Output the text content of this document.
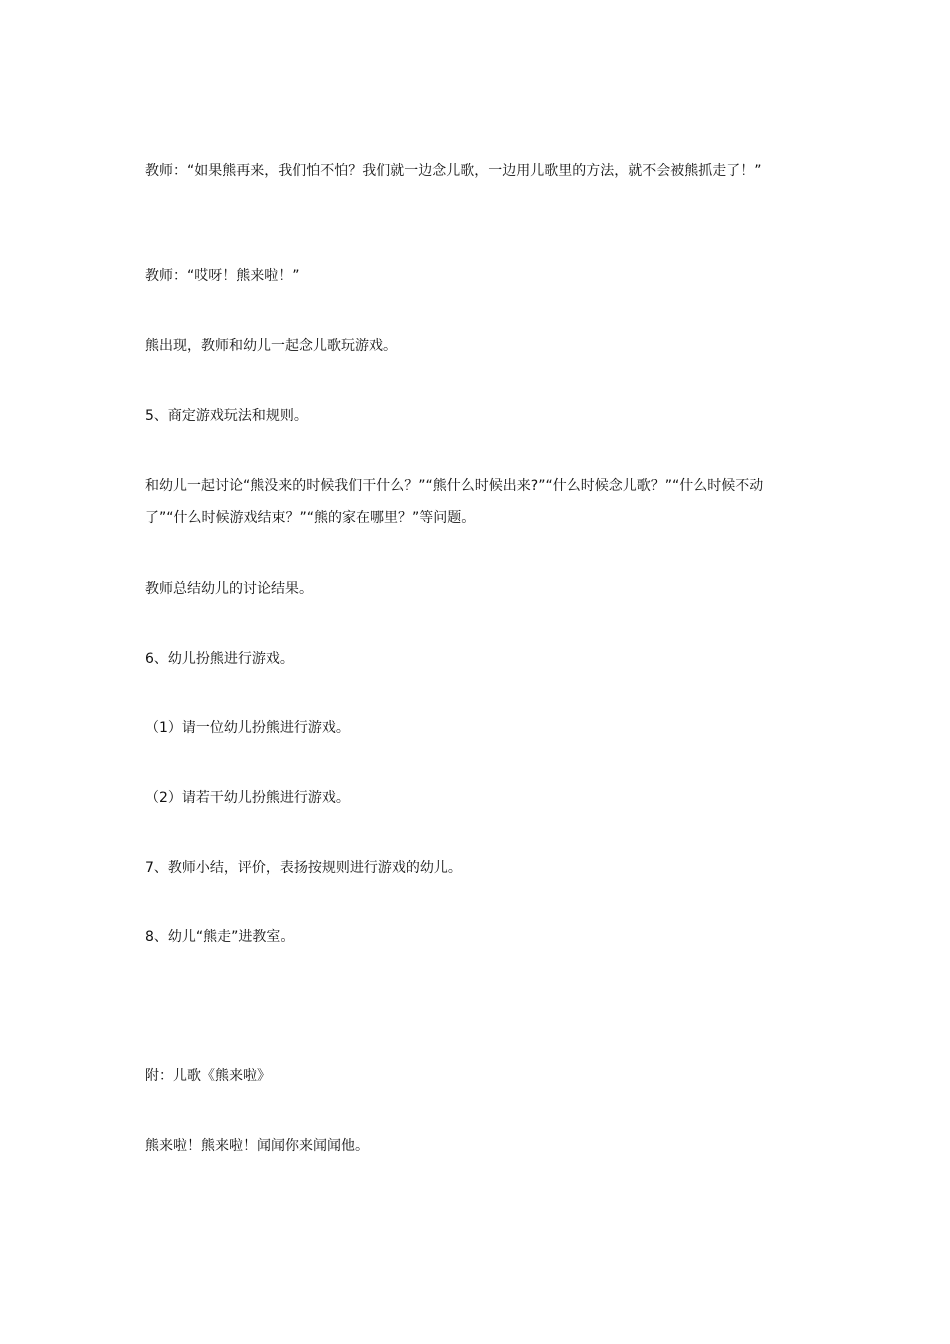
教师：“如果熊再来，我们怕不怕？我们就一边念儿歌，一边用儿歌里的方法，就不会被熊抓走了！”

教师：“哎呀！熊来啦！”

熊出现，教师和幼儿一起念儿歌玩游戏。

5、商定游戏玩法和规则。

和幼儿一起讨论“熊没来的时候我们干什么？”“熊什么时候出来?”“什么时候念儿歌？”“什么时候不动了”“什么时候游戏结束？”“熊的家在哪里？”等问题。

教师总结幼儿的讨论结果。

6、幼儿扮熊进行游戏。

（1）请一位幼儿扮熊进行游戏。

（2）请若干幼儿扮熊进行游戏。

7、教师小结，评价，表扬按规则进行游戏的幼儿。

8、幼儿“熊走”进教室。

附：儿歌《熊来啦》

熊来啦！熊来啦！闻闻你来闻闻他。
